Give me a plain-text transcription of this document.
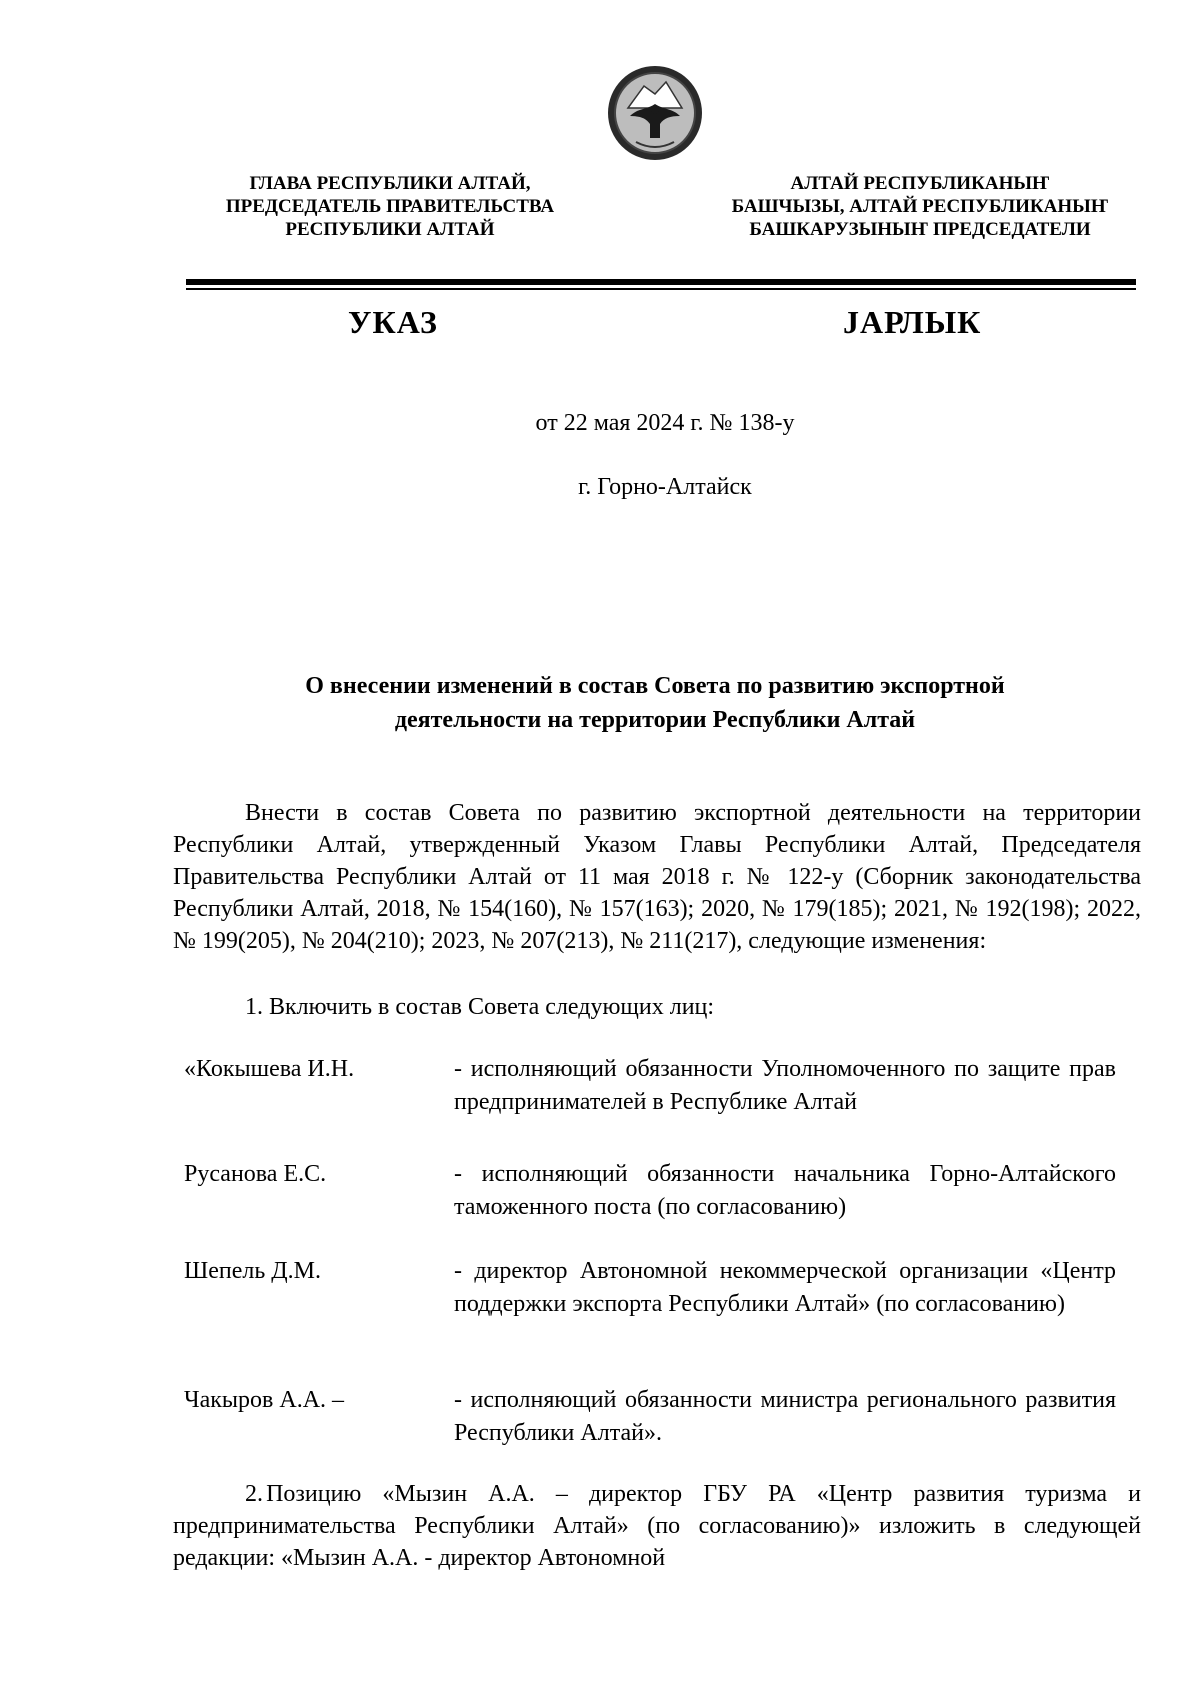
ГЛАВА РЕСПУБЛИКИ АЛТАЙ,
ПРЕДСЕДАТЕЛЬ ПРАВИТЕЛЬСТВА
РЕСПУБЛИКИ АЛТАЙ
АЛТАЙ РЕСПУБЛИКАНЫҤ
БАШЧЫЗЫ, АЛТАЙ РЕСПУБЛИКАНЫҤ
БАШКАРУЗЫНЫҤ ПРЕДСЕДАТЕЛИ
УКАЗ	JАРЛЫК
от 22 мая 2024 г. № 138-у
г. Горно-Алтайск
О внесении изменений в состав Совета по развитию экспортной
деятельности на территории Республики Алтай
Внести в состав Совета по развитию экспортной деятельности на территории Республики Алтай, утвержденный Указом Главы Республики Алтай, Председателя Правительства Республики Алтай от 11 мая 2018 г. № 122-у (Сборник законодательства Республики Алтай, 2018, № 154(160), № 157(163); 2020, № 179(185); 2021, № 192(198); 2022, № 199(205), № 204(210); 2023, № 207(213), № 211(217), следующие изменения:
1. Включить в состав Совета следующих лиц:
«Кокышева И.Н.	- исполняющий обязанности Уполномоченного по защите прав предпринимателей в Республике Алтай
Русанова Е.С.	- исполняющий обязанности начальника Горно-Алтайского таможенного поста (по согласованию)
Шепель Д.М.	- директор Автономной некоммерческой организации «Центр поддержки экспорта Республики Алтай» (по согласованию)
Чакыров А.А. –	- исполняющий обязанности министра регионального развития Республики Алтай».
2. Позицию «Мызин А.А. – директор ГБУ РА «Центр развития туризма и предпринимательства Республики Алтай» (по согласованию)» изложить в следующей редакции: «Мызин А.А. - директор Автономной
